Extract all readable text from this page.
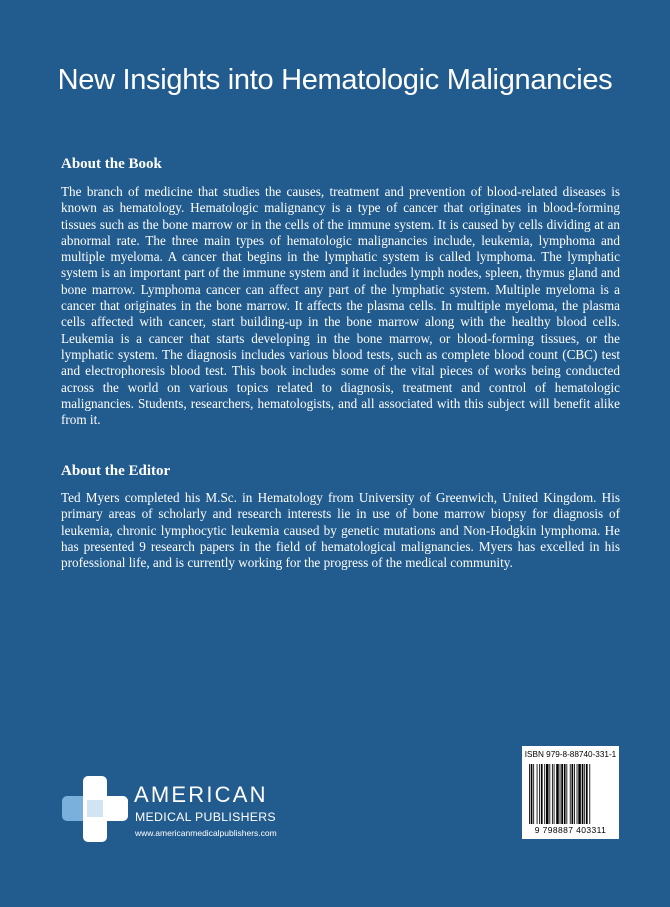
New Insights into Hematologic Malignancies
About the Book

The branch of medicine that studies the causes, treatment and prevention of blood-related diseases is known as hematology. Hematologic malignancy is a type of cancer that originates in blood-forming tissues such as the bone marrow or in the cells of the immune system. It is caused by cells dividing at an abnormal rate. The three main types of hematologic malignancies include, leukemia, lymphoma and multiple myeloma. A cancer that begins in the lymphatic system is called lymphoma. The lymphatic system is an important part of the immune system and it includes lymph nodes, spleen, thymus gland and bone marrow. Lymphoma cancer can affect any part of the lymphatic system. Multiple myeloma is a cancer that originates in the bone marrow. It affects the plasma cells. In multiple myeloma, the plasma cells affected with cancer, start building-up in the bone marrow along with the healthy blood cells. Leukemia is a cancer that starts developing in the bone marrow, or blood-forming tissues, or the lymphatic system. The diagnosis includes various blood tests, such as complete blood count (CBC) test and electrophoresis blood test. This book includes some of the vital pieces of works being conducted across the world on various topics related to diagnosis, treatment and control of hematologic malignancies. Students, researchers, hematologists, and all associated with this subject will benefit alike from it.

About the Editor

Ted Myers completed his M.Sc. in Hematology from University of Greenwich, United Kingdom. His primary areas of scholarly and research interests lie in use of bone marrow biopsy for diagnosis of leukemia, chronic lymphocytic leukemia caused by genetic mutations and Non-Hodgkin lymphoma. He has presented 9 research papers in the field of hematological malignancies. Myers has excelled in his professional life, and is currently working for the progress of the medical community.

AMERICAN
MEDICAL PUBLISHERS
www.americanmedicalpublishers.com
ISBN 979-8-88740-331-1
9 798887 403311
